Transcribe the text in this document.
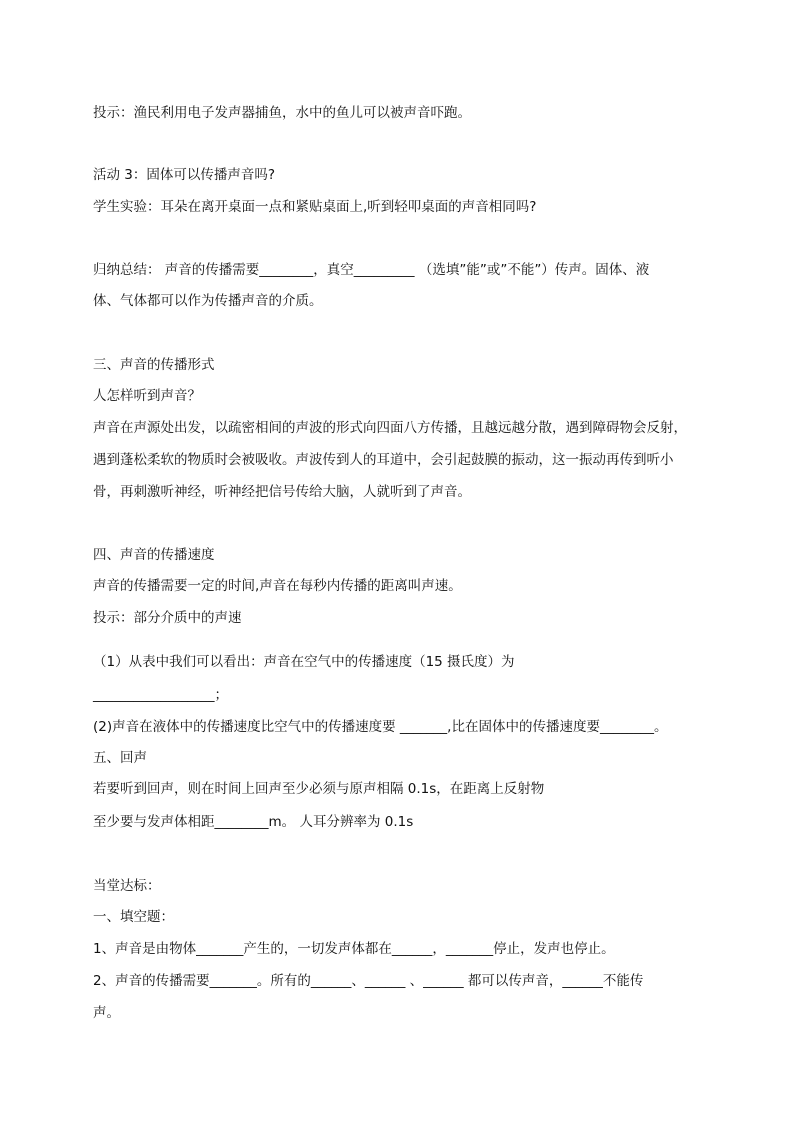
投示：渔民利用电子发声器捕鱼，水中的鱼儿可以被声音吓跑。
活动 3：固体可以传播声音吗?
学生实验：耳朵在离开桌面一点和紧贴桌面上,听到轻叩桌面的声音相同吗?
归纳总结： 声音的传播需要________，真空_________ （选填”能”或”不能”）传声。固体、液
体、气体都可以作为传播声音的介质。
三、声音的传播形式
人怎样听到声音？
声音在声源处出发，以疏密相间的声波的形式向四面八方传播，且越远越分散，遇到障碍物会反射，
遇到蓬松柔软的物质时会被吸收。声波传到人的耳道中，会引起鼓膜的振动，这一振动再传到听小
骨，再刺激听神经，听神经把信号传给大脑，人就听到了声音。
四、声音的传播速度
声音的传播需要一定的时间,声音在每秒内传播的距离叫声速。
投示：部分介质中的声速
（1）从表中我们可以看出：声音在空气中的传播速度（15 摄氏度）为
__________________；
(2)声音在液体中的传播速度比空气中的传播速度要 _______,比在固体中的传播速度要________。
五、回声
若要听到回声，则在时间上回声至少必须与原声相隔 0.1s，在距离上反射物
至少要与发声体相距________m。 人耳分辨率为 0.1s
当堂达标：
一、填空题：
1、声音是由物体_______产生的，一切发声体都在______，_______停止，发声也停止。
2、声音的传播需要_______。所有的______、______ 、______ 都可以传声音，______不能传
声。
